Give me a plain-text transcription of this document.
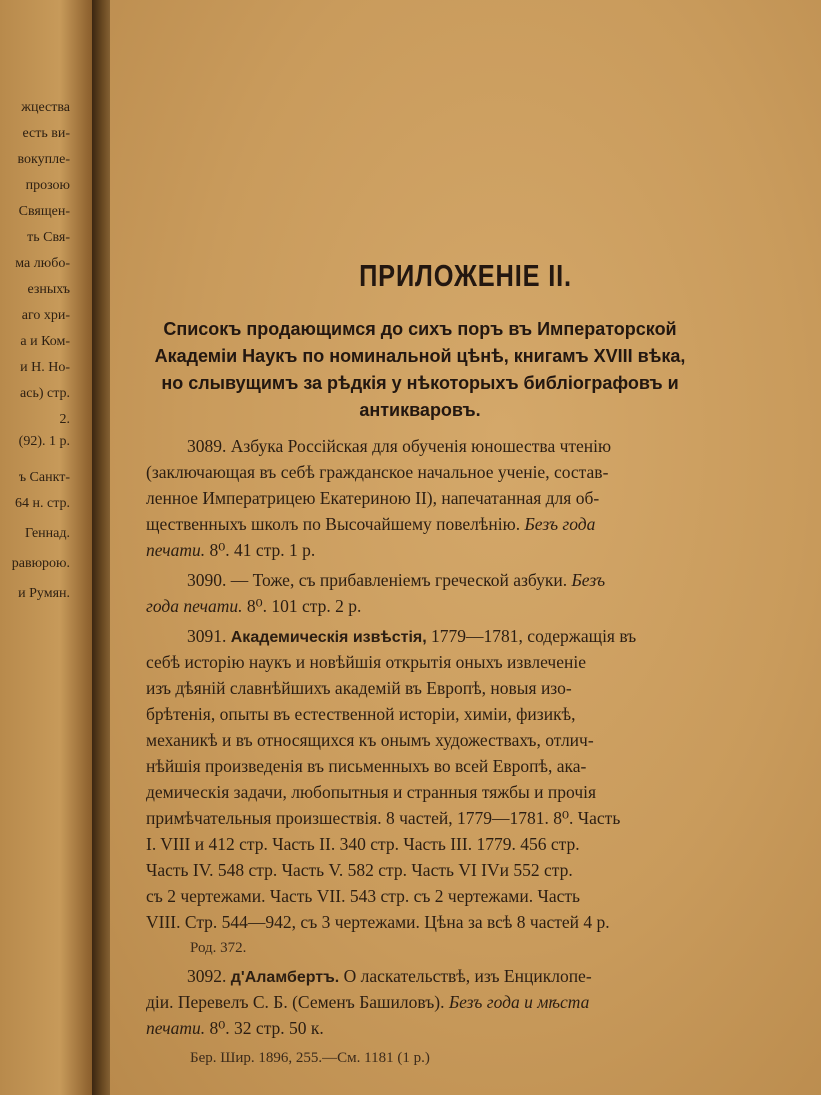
жцества
есть ви-
вокупле-
прозою
Священ-
ть Свя-
ма любо-
езныхъ
аго хри-
а и Ком-
и Н. Но-
ась) стр.
2.
(92). 1 р.
ъ Санкт-
64 н. стр.
Геннад.
равюрою.
и Румян.
ПРИЛОЖЕНІЕ II.
Списокъ продающимся до сихъ поръ въ Императорской
Академіи Наукъ по номинальной цѣнѣ, книгамъ XVIII вѣка,
но слывущимъ за рѣдкія у нѣкоторыхъ библіографовъ и
антикваровъ.
3089. Азбука Россійская для обученія юношества чтенію
(заключающая въ себѣ гражданское начальное ученіе, состав-
ленное Императрицею Екатериною II), напечатанная для об-
щественныхъ школъ по Высочайшему повелѣнію. Безъ года
печати. 8⁰. 41 стр. 1 р.
3090. — Тоже, съ прибавленіемъ греческой азбуки. Безъ
года печати. 8⁰. 101 стр. 2 р.
3091. Академическія извѣстія, 1779—1781, содержащія въ
себѣ исторію наукъ и новѣйшія открытія оныхъ извлеченіе
изъ дѣяній славнѣйшихъ академій въ Европѣ, новыя изо-
брѣтенія, опыты въ естественной исторіи, химіи, физикѣ,
механикѣ и въ относящихся къ онымъ художествахъ, отлич-
нѣйшія произведенія въ письменныхъ во всей Европѣ, ака-
демическія задачи, любопытныя и странныя тяжбы и прочія
примѣчательныя произшествія. 8 частей, 1779—1781. 8⁰. Часть
I. VIII и 412 стр. Часть II. 340 стр. Часть III. 1779. 456 стр.
Часть IV. 548 стр. Часть V. 582 стр. Часть VI IVи 552 стр.
съ 2 чертежами. Часть VII. 543 стр. съ 2 чертежами. Часть
VIII. Стр. 544—942, съ 3 чертежами. Цѣна за всѣ 8 частей 4 р.
Род. 372.
3092. д'Аламбертъ. О ласкательствѣ, изъ Енциклопе-
діи. Перевелъ С. Б. (Семенъ Башиловъ). Безъ года и мѣста
печати. 8⁰. 32 стр. 50 к.
Бер. Шир. 1896, 255.—См. 1181 (1 р.)
